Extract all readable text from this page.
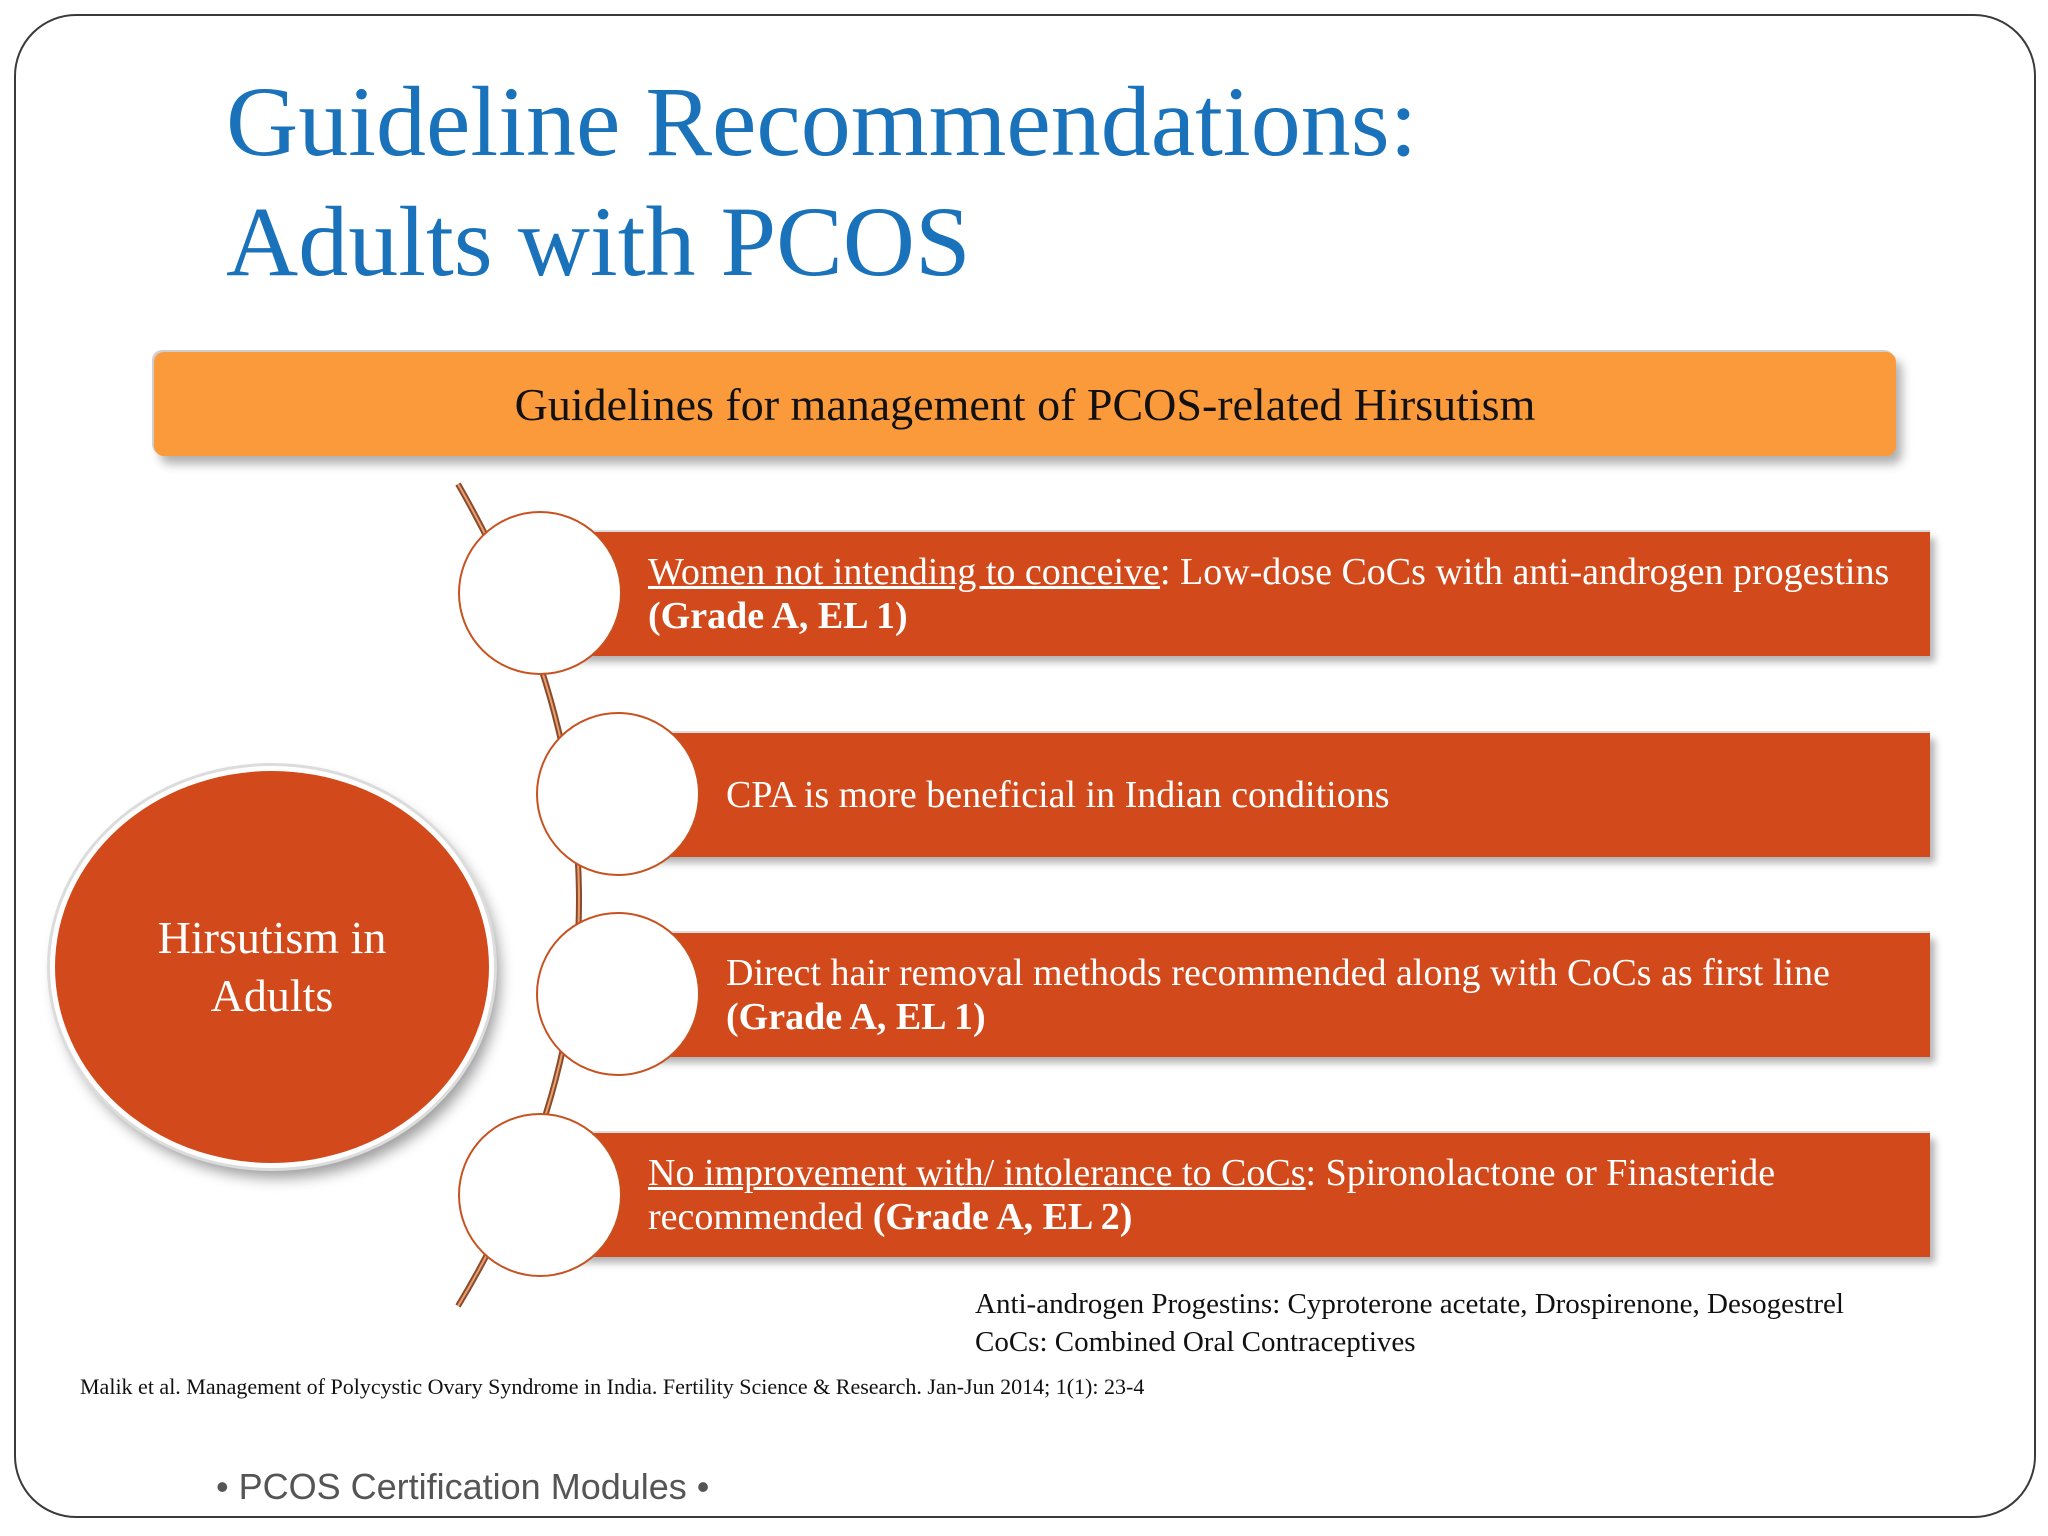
Guideline Recommendations:
Adults with PCOS
Guidelines for management of PCOS-related Hirsutism
Women not intending to conceive: Low-dose CoCs with anti-androgen progestins (Grade A, EL 1)
CPA is more beneficial in Indian conditions
Direct hair removal methods recommended along with CoCs as first line (Grade A, EL 1)
No improvement with/ intolerance to CoCs: Spironolactone or Finasteride recommended (Grade A, EL 2)
Hirsutism in
Adults
Anti-androgen Progestins: Cyproterone acetate, Drospirenone, Desogestrel
CoCs: Combined Oral Contraceptives
Malik et al. Management of Polycystic Ovary Syndrome in India. Fertility Science & Research. Jan-Jun 2014; 1(1): 23-4
• PCOS Certification Modules •
